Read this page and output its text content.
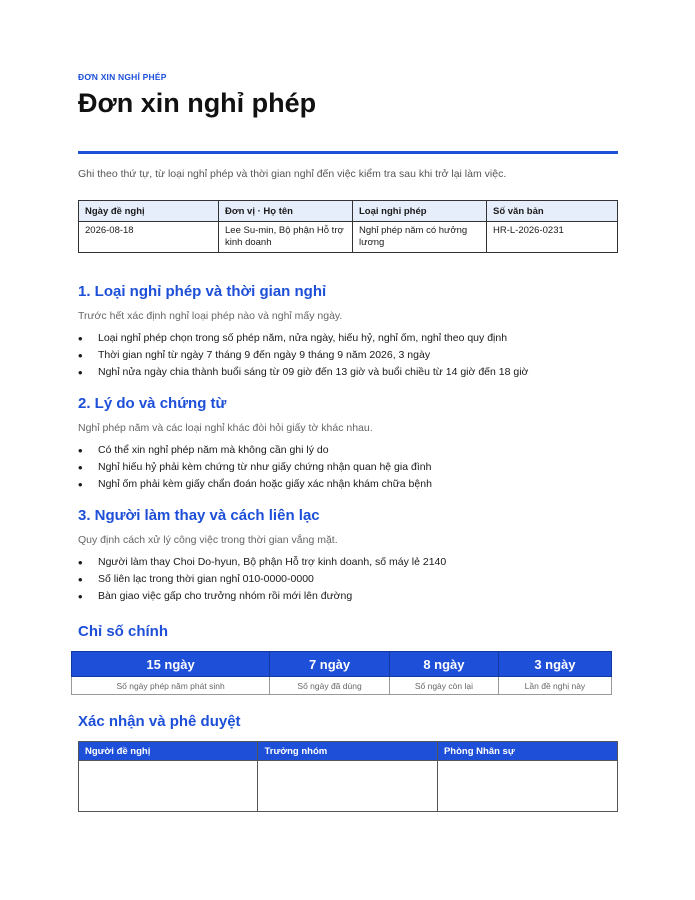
ĐƠN XIN NGHỈ PHÉP
Đơn xin nghỉ phép
Ghi theo thứ tự, từ loại nghỉ phép và thời gian nghỉ đến việc kiểm tra sau khi trở lại làm việc.
Ngày đề nghị	Đơn vị · Họ tên	Loại nghỉ phép	Số văn bản
2026-08-18	Lee Su-min, Bộ phận Hỗ trợ kinh doanh	Nghỉ phép năm có hưởng lương	HR-L-2026-0231
1. Loại nghỉ phép và thời gian nghỉ
Trước hết xác định nghỉ loại phép nào và nghỉ mấy ngày.
• Loại nghỉ phép chọn trong số phép năm, nửa ngày, hiếu hỷ, nghỉ ốm, nghỉ theo quy định
• Thời gian nghỉ từ ngày 7 tháng 9 đến ngày 9 tháng 9 năm 2026, 3 ngày
• Nghỉ nửa ngày chia thành buổi sáng từ 09 giờ đến 13 giờ và buổi chiều từ 14 giờ đến 18 giờ
2. Lý do và chứng từ
Nghỉ phép năm và các loại nghỉ khác đòi hỏi giấy tờ khác nhau.
• Có thể xin nghỉ phép năm mà không cần ghi lý do
• Nghỉ hiếu hỷ phải kèm chứng từ như giấy chứng nhận quan hệ gia đình
• Nghỉ ốm phải kèm giấy chẩn đoán hoặc giấy xác nhận khám chữa bệnh
3. Người làm thay và cách liên lạc
Quy định cách xử lý công việc trong thời gian vắng mặt.
• Người làm thay Choi Do-hyun, Bộ phận Hỗ trợ kinh doanh, số máy lẻ 2140
• Số liên lạc trong thời gian nghỉ 010-0000-0000
• Bàn giao việc gấp cho trưởng nhóm rồi mới lên đường
Chỉ số chính
15 ngày	7 ngày	8 ngày	3 ngày
Số ngày phép năm phát sinh	Số ngày đã dùng	Số ngày còn lại	Lần đề nghị này
Xác nhận và phê duyệt
Người đề nghị	Trưởng nhóm	Phòng Nhân sự
